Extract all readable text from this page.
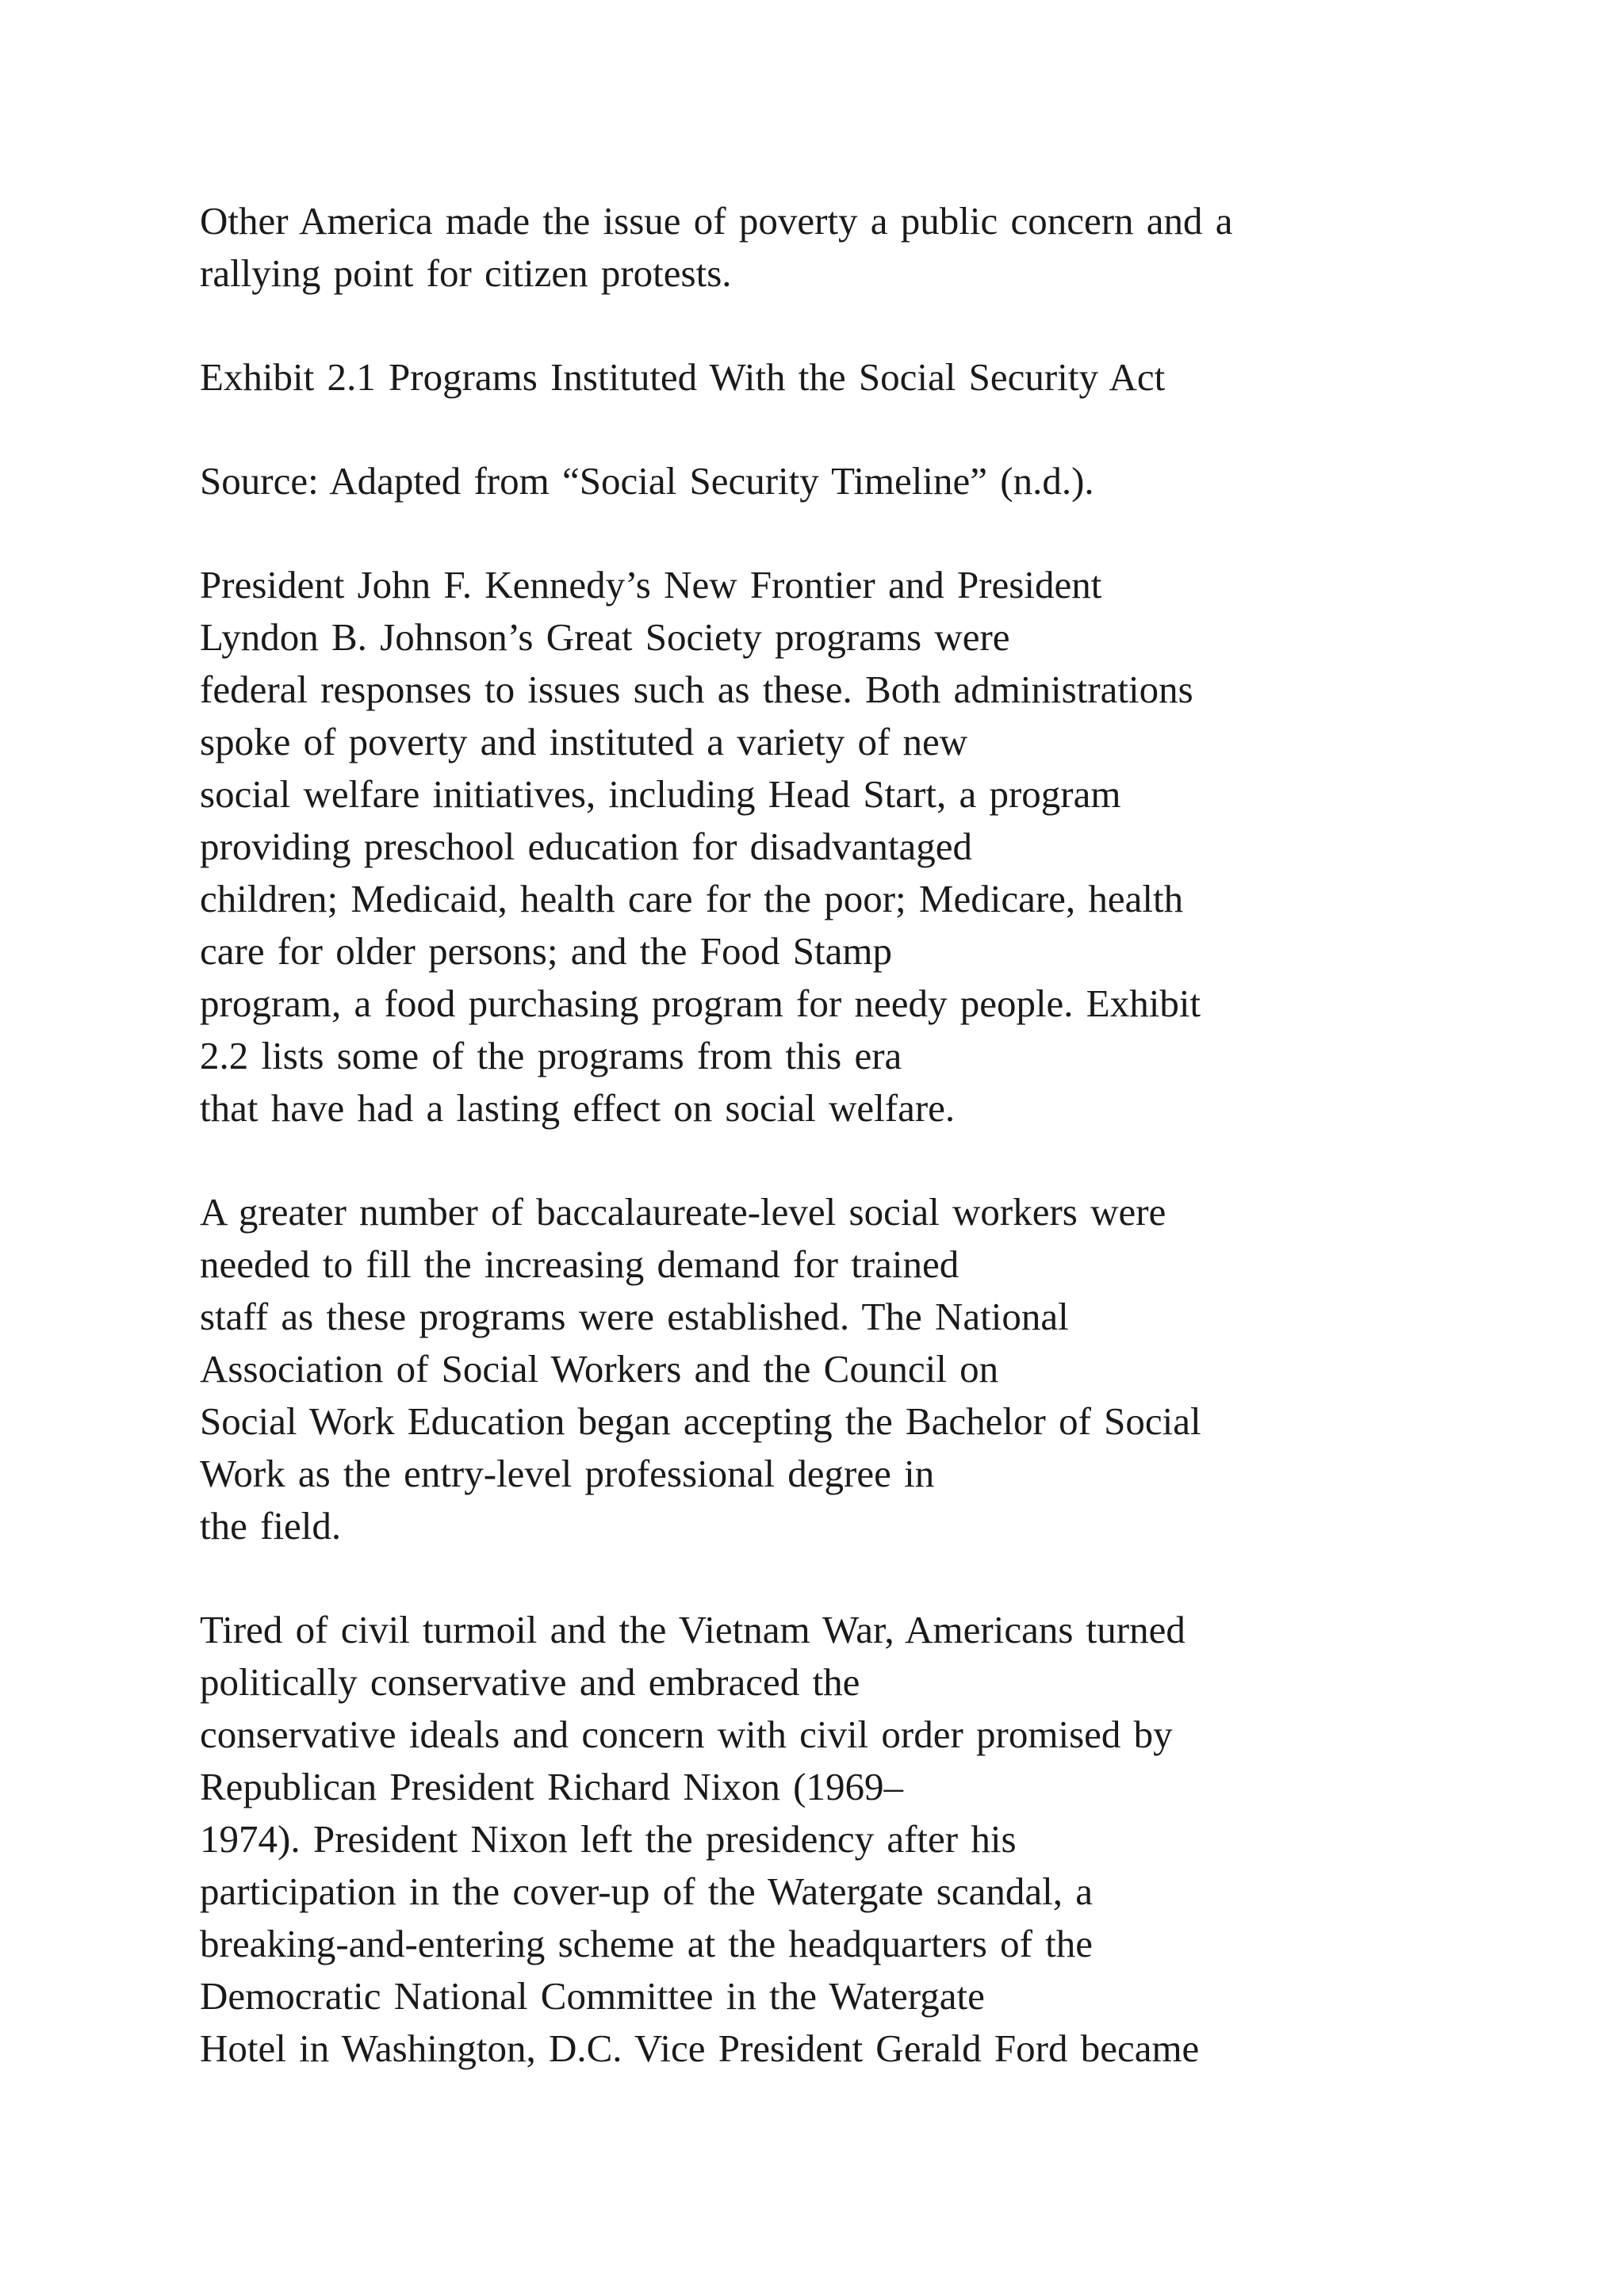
Other America made the issue of poverty a public concern and a
rallying point for citizen protests.

Exhibit 2.1 Programs Instituted With the Social Security Act

Source: Adapted from “Social Security Timeline” (n.d.).

President John F. Kennedy’s New Frontier and President
Lyndon B. Johnson’s Great Society programs were
federal responses to issues such as these. Both administrations
spoke of poverty and instituted a variety of new
social welfare initiatives, including Head Start, a program
providing preschool education for disadvantaged
children; Medicaid, health care for the poor; Medicare, health
care for older persons; and the Food Stamp
program, a food purchasing program for needy people. Exhibit
2.2 lists some of the programs from this era
that have had a lasting effect on social welfare.

A greater number of baccalaureate-level social workers were
needed to fill the increasing demand for trained
staff as these programs were established. The National
Association of Social Workers and the Council on
Social Work Education began accepting the Bachelor of Social
Work as the entry-level professional degree in
the field.

Tired of civil turmoil and the Vietnam War, Americans turned
politically conservative and embraced the
conservative ideals and concern with civil order promised by
Republican President Richard Nixon (1969–
1974). President Nixon left the presidency after his
participation in the cover-up of the Watergate scandal, a
breaking-and-entering scheme at the headquarters of the
Democratic National Committee in the Watergate
Hotel in Washington, D.C. Vice President Gerald Ford became
